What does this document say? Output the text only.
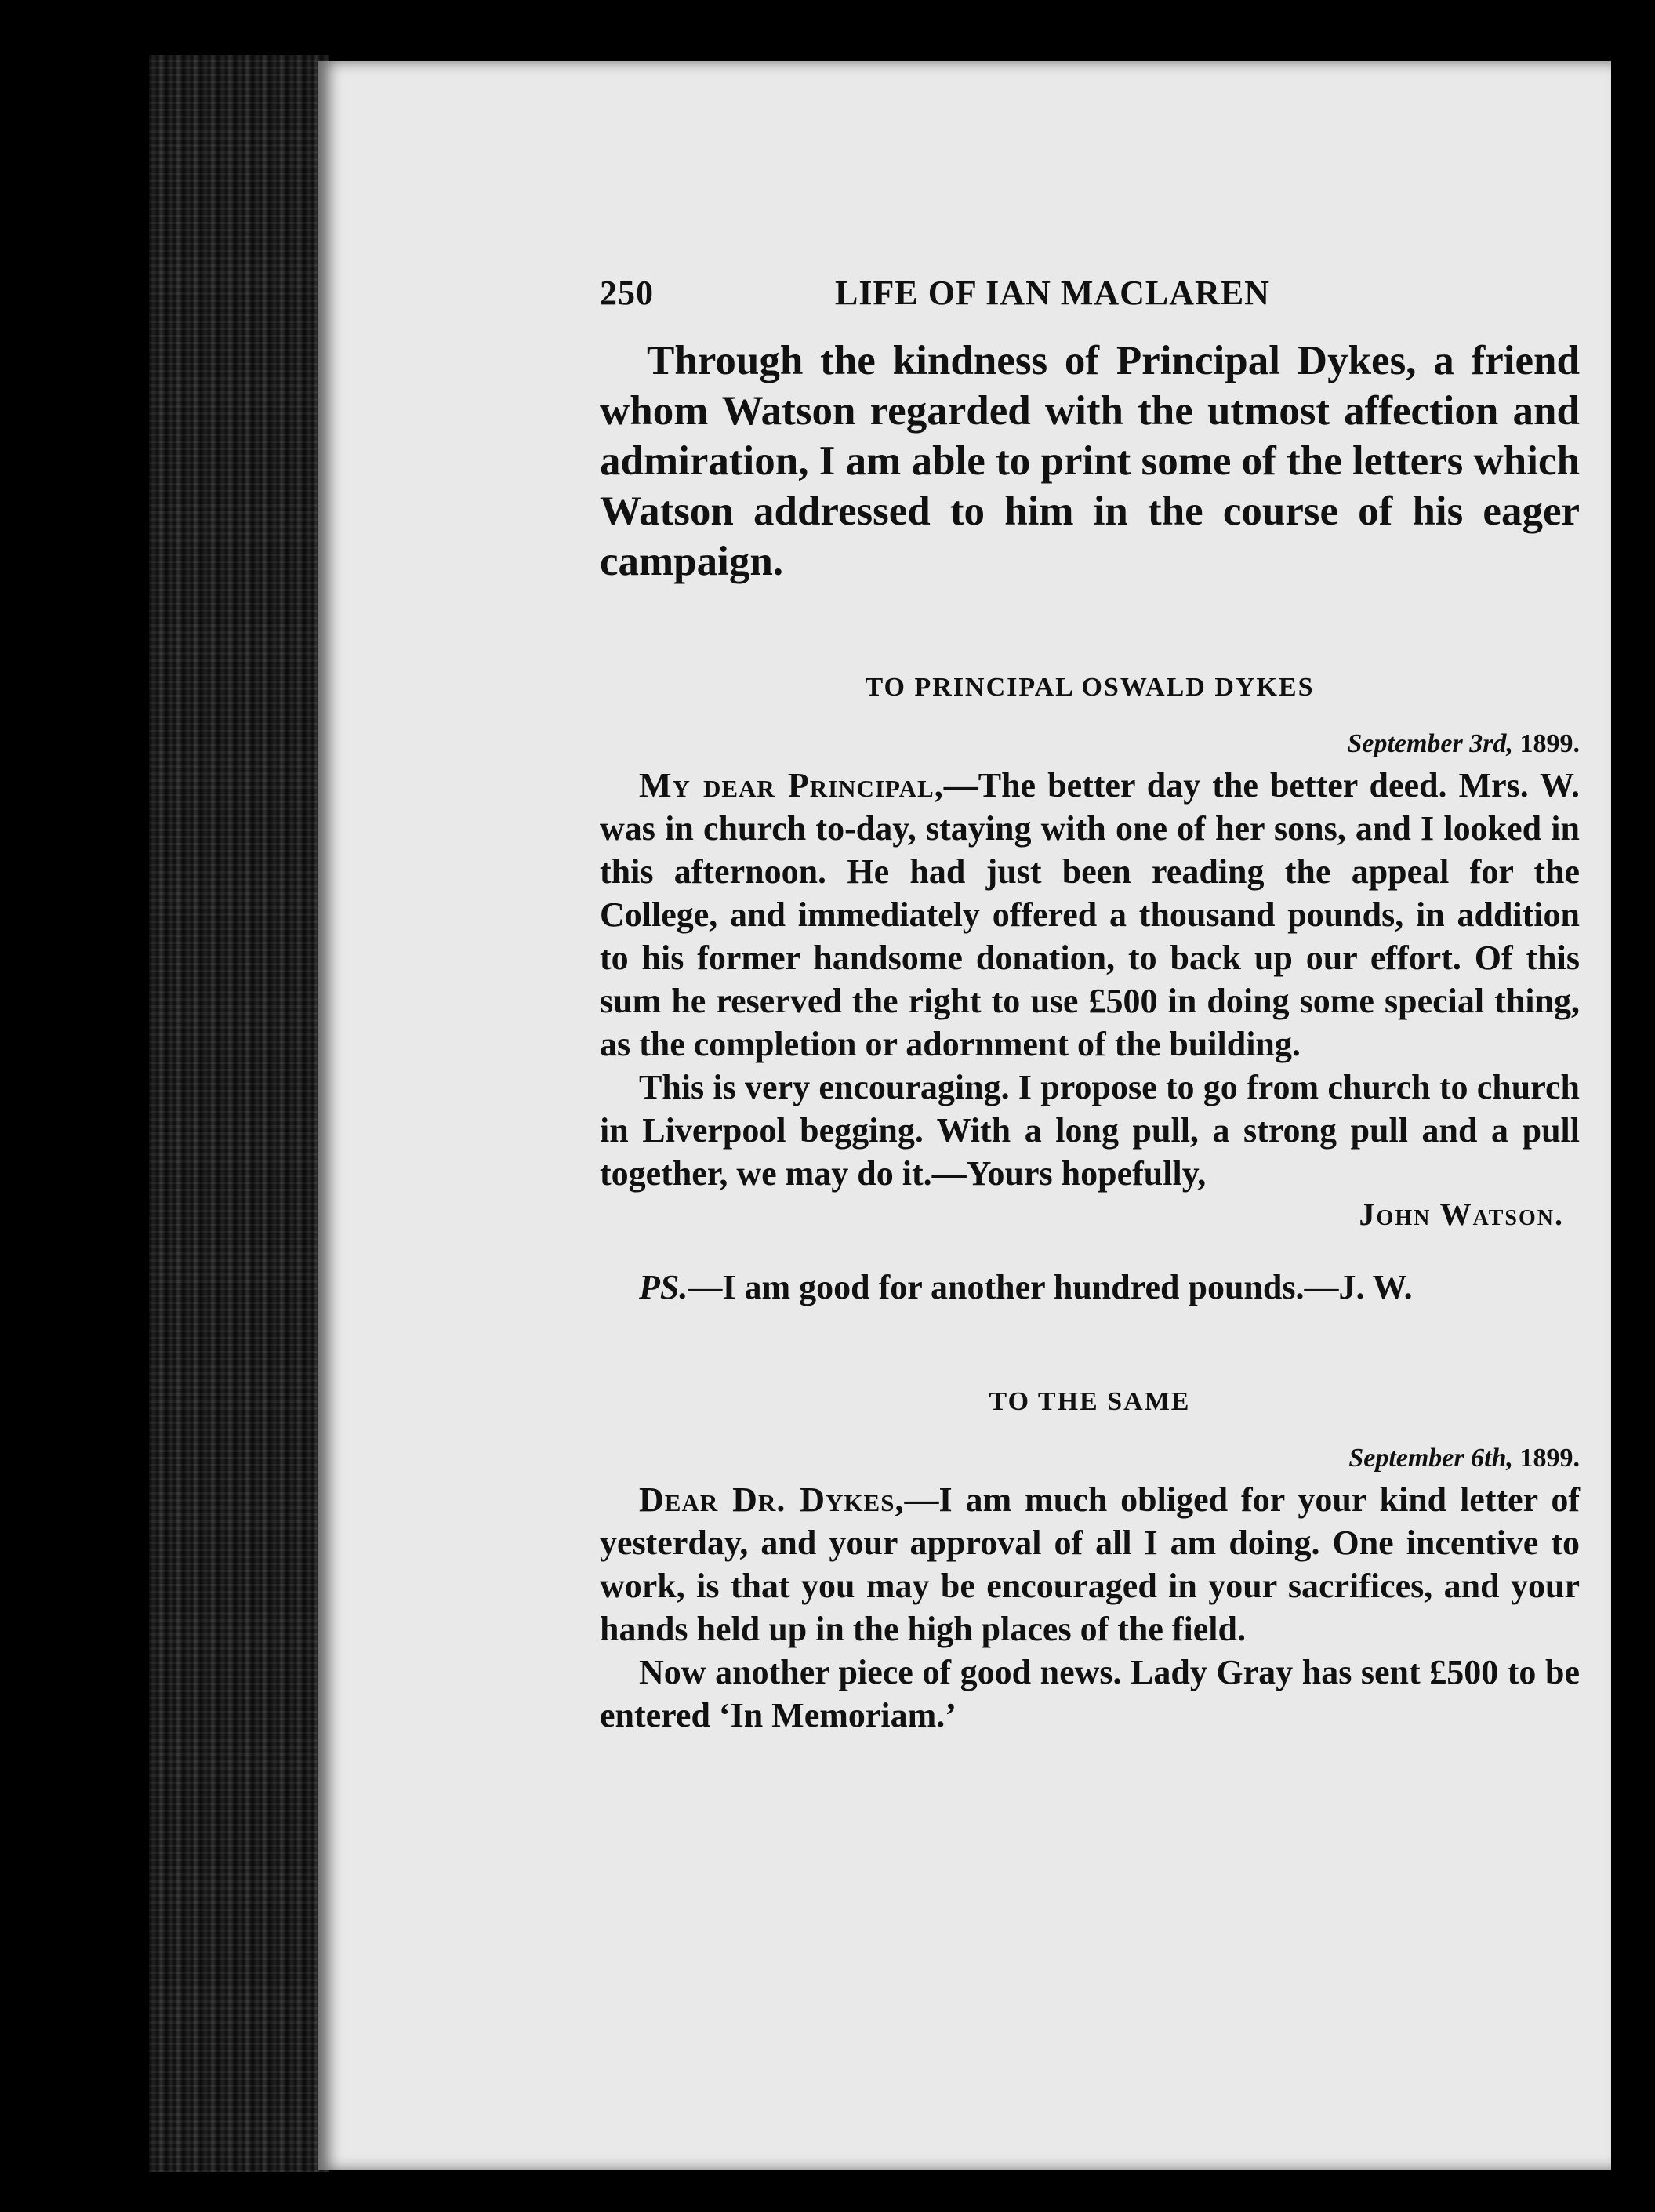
250	LIFE OF IAN MACLAREN

Through the kindness of Principal Dykes, a friend whom Watson regarded with the utmost affection and admiration, I am able to print some of the letters which Watson addressed to him in the course of his eager campaign.

TO PRINCIPAL OSWALD DYKES
September 3rd, 1899.

My dear Principal,—The better day the better deed. Mrs. W. was in church to-day, staying with one of her sons, and I looked in this afternoon. He had just been reading the appeal for the College, and immediately offered a thousand pounds, in addition to his former handsome donation, to back up our effort. Of this sum he reserved the right to use £500 in doing some special thing, as the completion or adornment of the building.

This is very encouraging. I propose to go from church to church in Liverpool begging. With a long pull, a strong pull and a pull together, we may do it.—Yours hopefully,

John Watson.

PS.—I am good for another hundred pounds.—J. W.

TO THE SAME
September 6th, 1899.

Dear Dr. Dykes,—I am much obliged for your kind letter of yesterday, and your approval of all I am doing. One incentive to work, is that you may be encouraged in your sacrifices, and your hands held up in the high places of the field.

Now another piece of good news. Lady Gray has sent £500 to be entered ‘In Memoriam.’
